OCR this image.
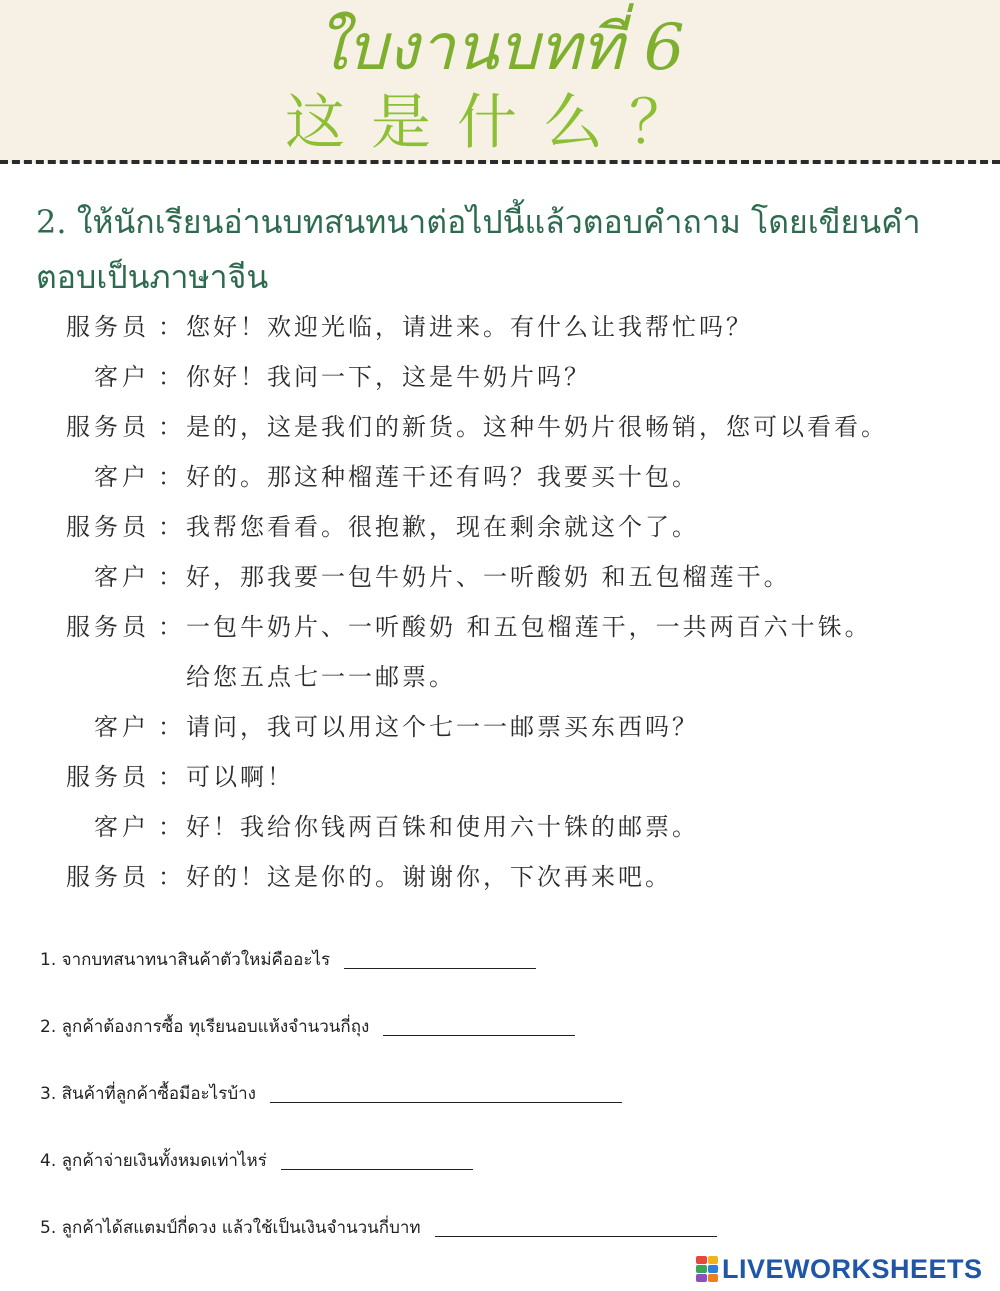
ใบงานบทที่ 6
这是什么？
2. ให้นักเรียนอ่านบทสนทนาต่อไปนี้แล้วตอบคำถาม โดยเขียนคำตอบเป็นภาษาจีน
服务员 ： 您好！欢迎光临，请进来。有什么让我帮忙吗？
客户 ： 你好！我问一下，这是牛奶片吗？
服务员 ： 是的，这是我们的新货。这种牛奶片很畅销，您可以看看。
客户 ： 好的。那这种榴莲干还有吗？我要买十包。
服务员 ： 我帮您看看。很抱歉，现在剩余就这个了。
客户 ： 好，那我要一包牛奶片、一听酸奶 和五包榴莲干。
服务员 ： 一包牛奶片、一听酸奶 和五包榴莲干，一共两百六十铢。
给您五点七一一邮票。
客户 ： 请问，我可以用这个七一一邮票买东西吗？
服务员 ： 可以啊！
客户 ： 好！我给你钱两百铢和使用六十铢的邮票。
服务员 ： 好的！这是你的。谢谢你，下次再来吧。
1. จากบทสนาทนาสินค้าตัวใหม่คืออะไร
2. ลูกค้าต้องการซื้อ ทุเรียนอบแห้งจำนวนกี่ถุง
3. สินค้าที่ลูกค้าซื้อมีอะไรบ้าง
4. ลูกค้าจ่ายเงินทั้งหมดเท่าไหร่
5. ลูกค้าได้สแตมป์กี่ดวง แล้วใช้เป็นเงินจำนวนกี่บาท
LIVEWORKSHEETS
